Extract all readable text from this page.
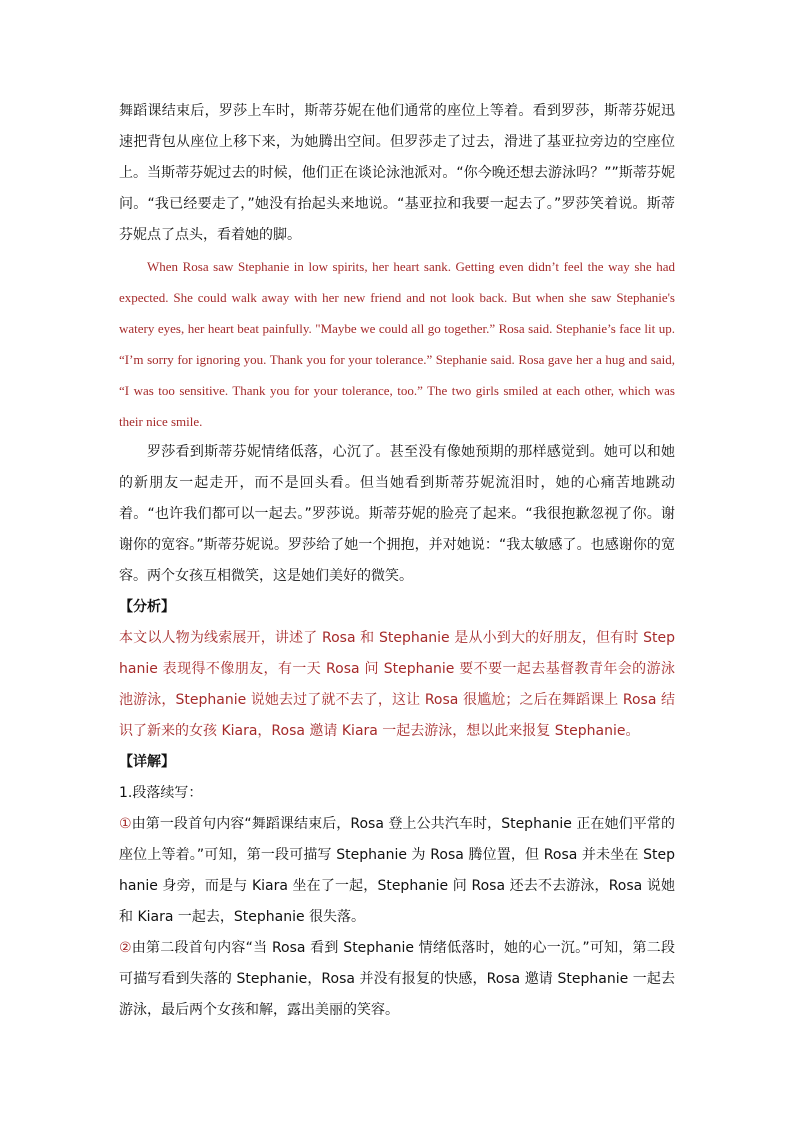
舞蹈课结束后，罗莎上车时，斯蒂芬妮在他们通常的座位上等着。看到罗莎，斯蒂芬妮迅速把背包从座位上移下来，为她腾出空间。但罗莎走了过去，滑进了基亚拉旁边的空座位上。当斯蒂芬妮过去的时候，他们正在谈论泳池派对。“你今晚还想去游泳吗？””斯蒂芬妮问。“我已经要走了，”她没有抬起头来地说。“基亚拉和我要一起去了。”罗莎笑着说。斯蒂芬妮点了点头，看着她的脚。

When Rosa saw Stephanie in low spirits, her heart sank. Getting even didn’t feel the way she had expected. She could walk away with her new friend and not look back. But when she saw Stephanie's watery eyes, her heart beat painfully. "Maybe we could all go together.” Rosa said. Stephanie’s face lit up. “I’m sorry for ignoring you. Thank you for your tolerance.” Stephanie said. Rosa gave her a hug and said, “I was too sensitive. Thank you for your tolerance, too.” The two girls smiled at each other, which was their nice smile.

罗莎看到斯蒂芬妮情绪低落，心沉了。甚至没有像她预期的那样感觉到。她可以和她的新朋友一起走开，而不是回头看。但当她看到斯蒂芬妮流泪时，她的心痛苦地跳动着。“也许我们都可以一起去。”罗莎说。斯蒂芬妮的脸亮了起来。“我很抱歉忽视了你。谢谢你的宽容。”斯蒂芬妮说。罗莎给了她一个拥抱，并对她说：“我太敏感了。也感谢你的宽容。两个女孩互相微笑，这是她们美好的微笑。

【分析】

本文以人物为线索展开，讲述了 Rosa 和 Stephanie 是从小到大的好朋友，但有时 Stephanie 表现得不像朋友，有一天 Rosa 问 Stephanie 要不要一起去基督教青年会的游泳池游泳，Stephanie 说她去过了就不去了，这让 Rosa 很尴尬；之后在舞蹈课上 Rosa 结识了新来的女孩 Kiara，Rosa 邀请 Kiara 一起去游泳，想以此来报复 Stephanie。

【详解】

1.段落续写：

①由第一段首句内容“舞蹈课结束后，Rosa 登上公共汽车时，Stephanie 正在她们平常的座位上等着。”可知，第一段可描写 Stephanie 为 Rosa 腾位置，但 Rosa 并未坐在 Stephanie 身旁，而是与 Kiara 坐在了一起，Stephanie 问 Rosa 还去不去游泳，Rosa 说她和 Kiara 一起去，Stephanie 很失落。

②由第二段首句内容“当 Rosa 看到 Stephanie 情绪低落时，她的心一沉。”可知，第二段可描写看到失落的 Stephanie，Rosa 并没有报复的快感，Rosa 邀请 Stephanie 一起去游泳，最后两个女孩和解，露出美丽的笑容。
